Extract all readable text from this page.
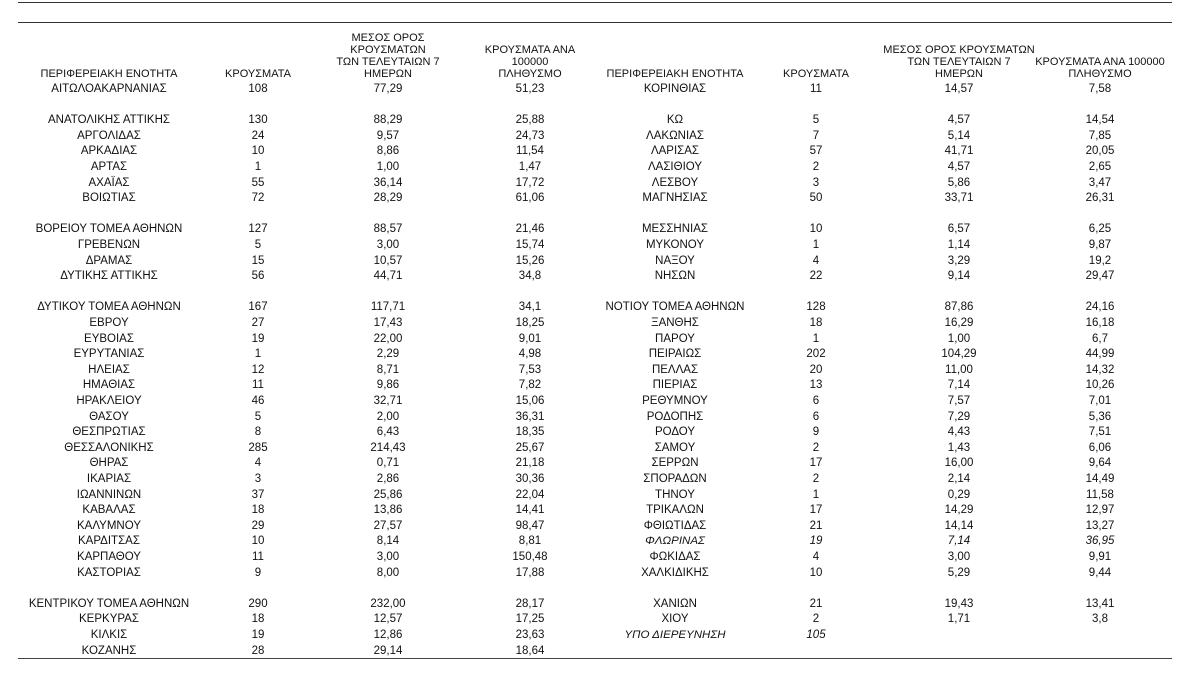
ΠΕΡΙΦΕΡΕΙΑΚΗ ΕΝΟΤΗΤΑ	ΚΡΟΥΣΜΑΤΑ
ΜΕΣΟΣ ΟΡΟΣ ΚΡΟΥΣΜΑΤΩΝ
ΤΩΝ ΤΕΛΕΥΤΑΙΩΝ 7
ΗΜΕΡΩΝ
ΚΡΟΥΣΜΑΤΑ ΑΝΑ 100000
ΠΛΗΘΥΣΜΟ
ΑΙΤΩΛΟΑΚΑΡΝΑΝΙΑΣ	108	77,29	51,23
ΑΝΑΤΟΛΙΚΗΣ ΑΤΤΙΚΗΣ	130	88,29	25,88
ΑΡΓΟΛΙΔΑΣ	24	9,57	24,73
ΑΡΚΑΔΙΑΣ	10	8,86	11,54
ΑΡΤΑΣ	1	1,00	1,47
ΑΧΑΪΑΣ	55	36,14	17,72
ΒΟΙΩΤΙΑΣ	72	28,29	61,06
ΒΟΡΕΙΟΥ ΤΟΜΕΑ ΑΘΗΝΩΝ	127	88,57	21,46
ΓΡΕΒΕΝΩΝ	5	3,00	15,74
ΔΡΑΜΑΣ	15	10,57	15,26
ΔΥΤΙΚΗΣ ΑΤΤΙΚΗΣ	56	44,71	34,8
ΔΥΤΙΚΟΥ ΤΟΜΕΑ ΑΘΗΝΩΝ	167	117,71	34,1
ΕΒΡΟΥ	27	17,43	18,25
ΕΥΒΟΙΑΣ	19	22,00	9,01
ΕΥΡΥΤΑΝΙΑΣ	1	2,29	4,98
ΗΛΕΙΑΣ	12	8,71	7,53
ΗΜΑΘΙΑΣ	11	9,86	7,82
ΗΡΑΚΛΕΙΟΥ	46	32,71	15,06
ΘΑΣΟΥ	5	2,00	36,31
ΘΕΣΠΡΩΤΙΑΣ	8	6,43	18,35
ΘΕΣΣΑΛΟΝΙΚΗΣ	285	214,43	25,67
ΘΗΡΑΣ	4	0,71	21,18
ΙΚΑΡΙΑΣ	3	2,86	30,36
ΙΩΑΝΝΙΝΩΝ	37	25,86	22,04
ΚΑΒΑΛΑΣ	18	13,86	14,41
ΚΑΛΥΜΝΟΥ	29	27,57	98,47
ΚΑΡΔΙΤΣΑΣ	10	8,14	8,81
ΚΑΡΠΑΘΟΥ	11	3,00	150,48
ΚΑΣΤΟΡΙΑΣ	9	8,00	17,88
ΚΕΝΤΡΙΚΟΥ ΤΟΜΕΑ ΑΘΗΝΩΝ	290	232,00	28,17
ΚΕΡΚΥΡΑΣ	18	12,57	17,25
ΚΙΛΚΙΣ	19	12,86	23,63
ΚΟΖΑΝΗΣ	28	29,14	18,64
ΠΕΡΙΦΕΡΕΙΑΚΗ ΕΝΟΤΗΤΑ	ΚΡΟΥΣΜΑΤΑ
ΜΕΣΟΣ ΟΡΟΣ ΚΡΟΥΣΜΑΤΩΝ
ΤΩΝ ΤΕΛΕΥΤΑΙΩΝ 7
ΗΜΕΡΩΝ
ΚΡΟΥΣΜΑΤΑ ΑΝΑ 100000
ΠΛΗΘΥΣΜΟ
ΚΟΡΙΝΘΙΑΣ	11	14,57	7,58
ΚΩ	5	4,57	14,54
ΛΑΚΩΝΙΑΣ	7	5,14	7,85
ΛΑΡΙΣΑΣ	57	41,71	20,05
ΛΑΣΙΘΙΟΥ	2	4,57	2,65
ΛΕΣΒΟΥ	3	5,86	3,47
ΜΑΓΝΗΣΙΑΣ	50	33,71	26,31
ΜΕΣΣΗΝΙΑΣ	10	6,57	6,25
ΜΥΚΟΝΟΥ	1	1,14	9,87
ΝΑΞΟΥ	4	3,29	19,2
ΝΗΣΩΝ	22	9,14	29,47
ΝΟΤΙΟΥ ΤΟΜΕΑ ΑΘΗΝΩΝ	128	87,86	24,16
ΞΑΝΘΗΣ	18	16,29	16,18
ΠΑΡΟΥ	1	1,00	6,7
ΠΕΙΡΑΙΩΣ	202	104,29	44,99
ΠΕΛΛΑΣ	20	11,00	14,32
ΠΙΕΡΙΑΣ	13	7,14	10,26
ΡΕΘΥΜΝΟΥ	6	7,57	7,01
ΡΟΔΟΠΗΣ	6	7,29	5,36
ΡΟΔΟΥ	9	4,43	7,51
ΣΑΜΟΥ	2	1,43	6,06
ΣΕΡΡΩΝ	17	16,00	9,64
ΣΠΟΡΑΔΩΝ	2	2,14	14,49
ΤΗΝΟΥ	1	0,29	11,58
ΤΡΙΚΑΛΩΝ	17	14,29	12,97
ΦΘΙΩΤΙΔΑΣ	21	14,14	13,27
ΦΛΩΡΙΝΑΣ	19	7,14	36,95
ΦΩΚΙΔΑΣ	4	3,00	9,91
ΧΑΛΚΙΔΙΚΗΣ	10	5,29	9,44
ΧΑΝΙΩΝ	21	19,43	13,41
ΧΙΟΥ	2	1,71	3,8
ΥΠΟ ΔΙΕΡΕΥΝΗΣΗ	105
